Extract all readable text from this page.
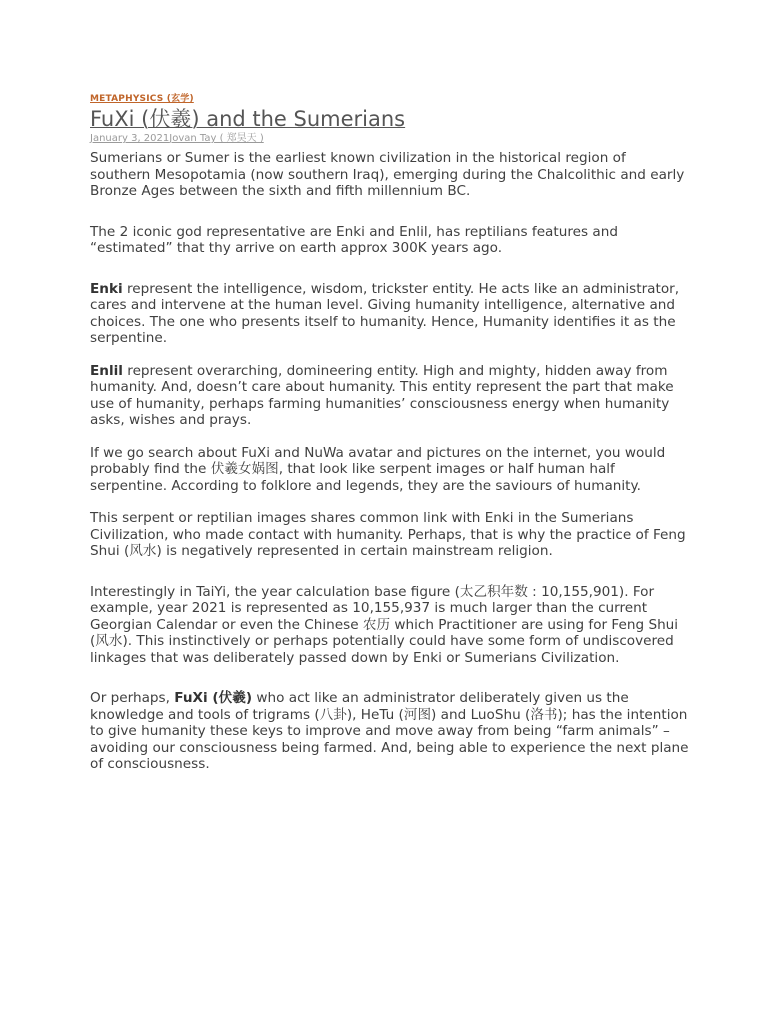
METAPHYSICS (玄学)
FuXi (伏羲) and the Sumerians
January 3, 2021Jovan Tay ( 郑昊天 )

Sumerians or Sumer is the earliest known civilization in the historical region of southern Mesopotamia (now southern Iraq), emerging during the Chalcolithic and early Bronze Ages between the sixth and fifth millennium BC.

The 2 iconic god representative are Enki and Enlil, has reptilians features and “estimated” that thy arrive on earth approx 300K years ago.

Enki represent the intelligence, wisdom, trickster entity. He acts like an administrator, cares and intervene at the human level. Giving humanity intelligence, alternative and choices. The one who presents itself to humanity. Hence, Humanity identifies it as the serpentine.

Enlil represent overarching, domineering entity. High and mighty, hidden away from humanity. And, doesn’t care about humanity. This entity represent the part that make use of humanity, perhaps farming humanities’ consciousness energy when humanity asks, wishes and prays.

If we go search about FuXi and NuWa avatar and pictures on the internet, you would probably find the 伏羲女娲图, that look like serpent images or half human half serpentine. According to folklore and legends, they are the saviours of humanity.

This serpent or reptilian images shares common link with Enki in the Sumerians Civilization, who made contact with humanity. Perhaps, that is why the practice of Feng Shui (风水) is negatively represented in certain mainstream religion.

Interestingly in TaiYi, the year calculation base figure (太乙积年数 : 10,155,901). For example, year 2021 is represented as 10,155,937 is much larger than the current Georgian Calendar or even the Chinese 农历 which Practitioner are using for Feng Shui (风水). This instinctively or perhaps potentially could have some form of undiscovered linkages that was deliberately passed down by Enki or Sumerians Civilization.

Or perhaps, FuXi (伏羲) who act like an administrator deliberately given us the knowledge and tools of trigrams (八卦), HeTu (河图) and LuoShu (洛书); has the intention to give humanity these keys to improve and move away from being “farm animals” – avoiding our consciousness being farmed. And, being able to experience the next plane of consciousness.
